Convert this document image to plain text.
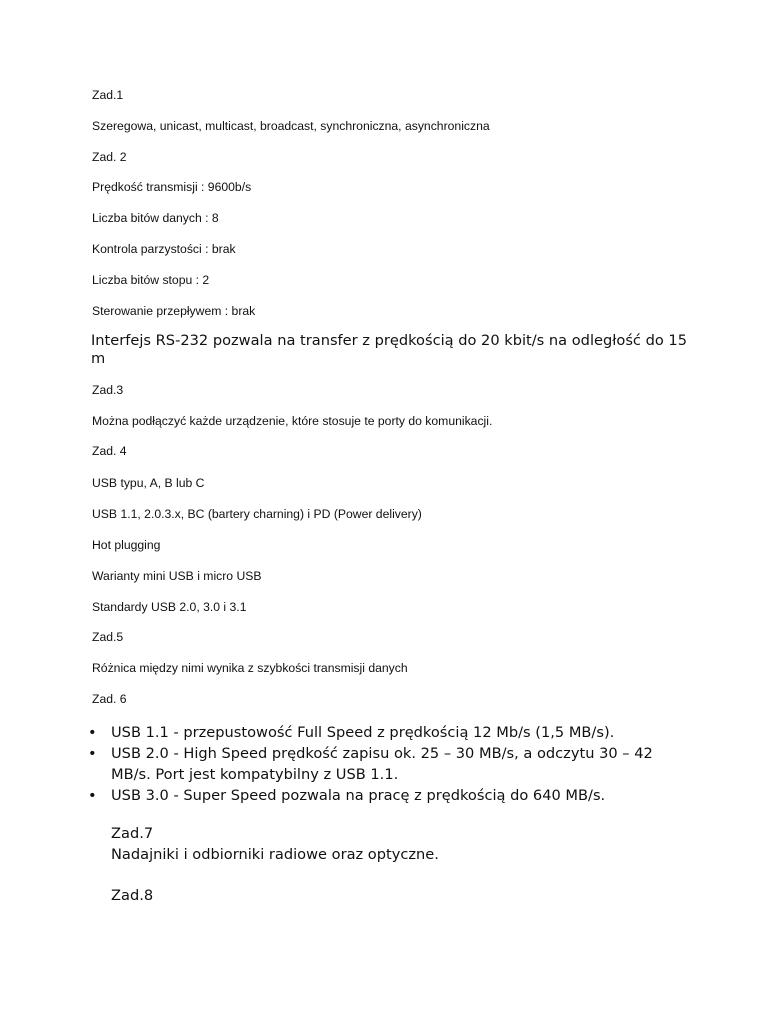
Zad.1

Szeregowa, unicast, multicast, broadcast, synchroniczna, asynchroniczna

Zad. 2

Prędkość transmisji : 9600b/s

Liczba bitów danych : 8

Kontrola parzystości : brak

Liczba bitów stopu : 2

Sterowanie przepływem : brak

Interfejs RS-232 pozwala na transfer z prędkością do 20 kbit/s na odległość do 15 m

Zad.3

Można podłączyć każde urządzenie, które stosuje te porty do komunikacji.

Zad. 4

USB typu, A, B lub C

USB 1.1, 2.0.3.x, BC (bartery charning) i PD (Power delivery)

Hot plugging

Warianty mini USB i micro USB

Standardy USB 2.0, 3.0 i 3.1

Zad.5

Różnica między nimi wynika z szybkości transmisji danych

Zad. 6

• USB 1.1 - przepustowość Full Speed z prędkością 12 Mb/s (1,5 MB/s).
• USB 2.0 - High Speed prędkość zapisu ok. 25 – 30 MB/s, a odczytu 30 – 42 MB/s. Port jest kompatybilny z USB 1.1.
• USB 3.0 - Super Speed pozwala na pracę z prędkością do 640 MB/s.

Zad.7

Nadajniki i odbiorniki radiowe oraz optyczne.

Zad.8
